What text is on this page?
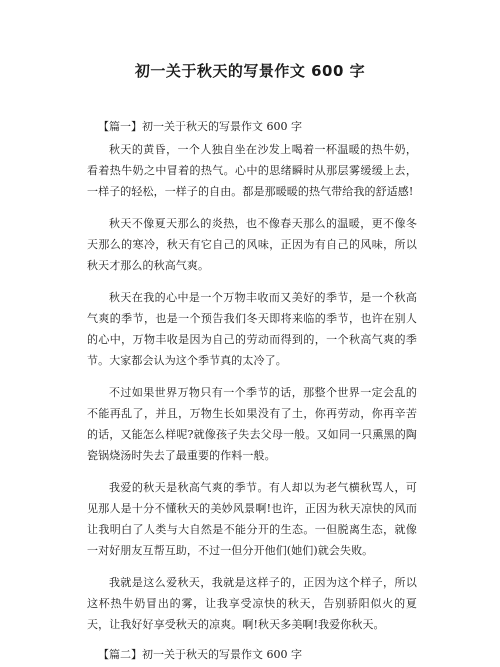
初一关于秋天的写景作文 600 字

【篇一】初一关于秋天的写景作文 600 字

秋天的黄昏，一个人独自坐在沙发上喝着一杯温暖的热牛奶，看着热牛奶之中冒着的热气。心中的思绪瞬时从那层雾缓缓上去，一样子的轻松，一样子的自由。都是那暖暖的热气带给我的舒适感!

秋天不像夏天那么的炎热，也不像春天那么的温暖，更不像冬天那么的寒冷，秋天有它自己的风味，正因为有自己的风味，所以秋天才那么的秋高气爽。

秋天在我的心中是一个万物丰收而又美好的季节，是一个秋高气爽的季节，也是一个预告我们冬天即将来临的季节，也许在别人的心中，万物丰收是因为自己的劳动而得到的，一个秋高气爽的季节。大家都会认为这个季节真的太冷了。

不过如果世界万物只有一个季节的话，那整个世界一定会乱的不能再乱了，并且，万物生长如果没有了土，你再劳动，你再辛苦的话，又能怎么样呢?就像孩子失去父母一般。又如同一只熏黑的陶瓷锅烧汤时失去了最重要的作料一般。

我爱的秋天是秋高气爽的季节。有人却以为老气横秋骂人，可见那人是十分不懂秋天的美妙风景啊!也许，正因为秋天凉快的风而让我明白了人类与大自然是不能分开的生态。一但脱离生态，就像一对好朋友互帮互助，不过一但分开他们(她们)就会失败。

我就是这么爱秋天，我就是这样子的，正因为这个样子，所以这杯热牛奶冒出的雾，让我享受凉快的秋天，告别骄阳似火的夏天，让我好好享受秋天的凉爽。啊!秋天多美啊!我爱你秋天。

【篇二】初一关于秋天的写景作文 600 字
